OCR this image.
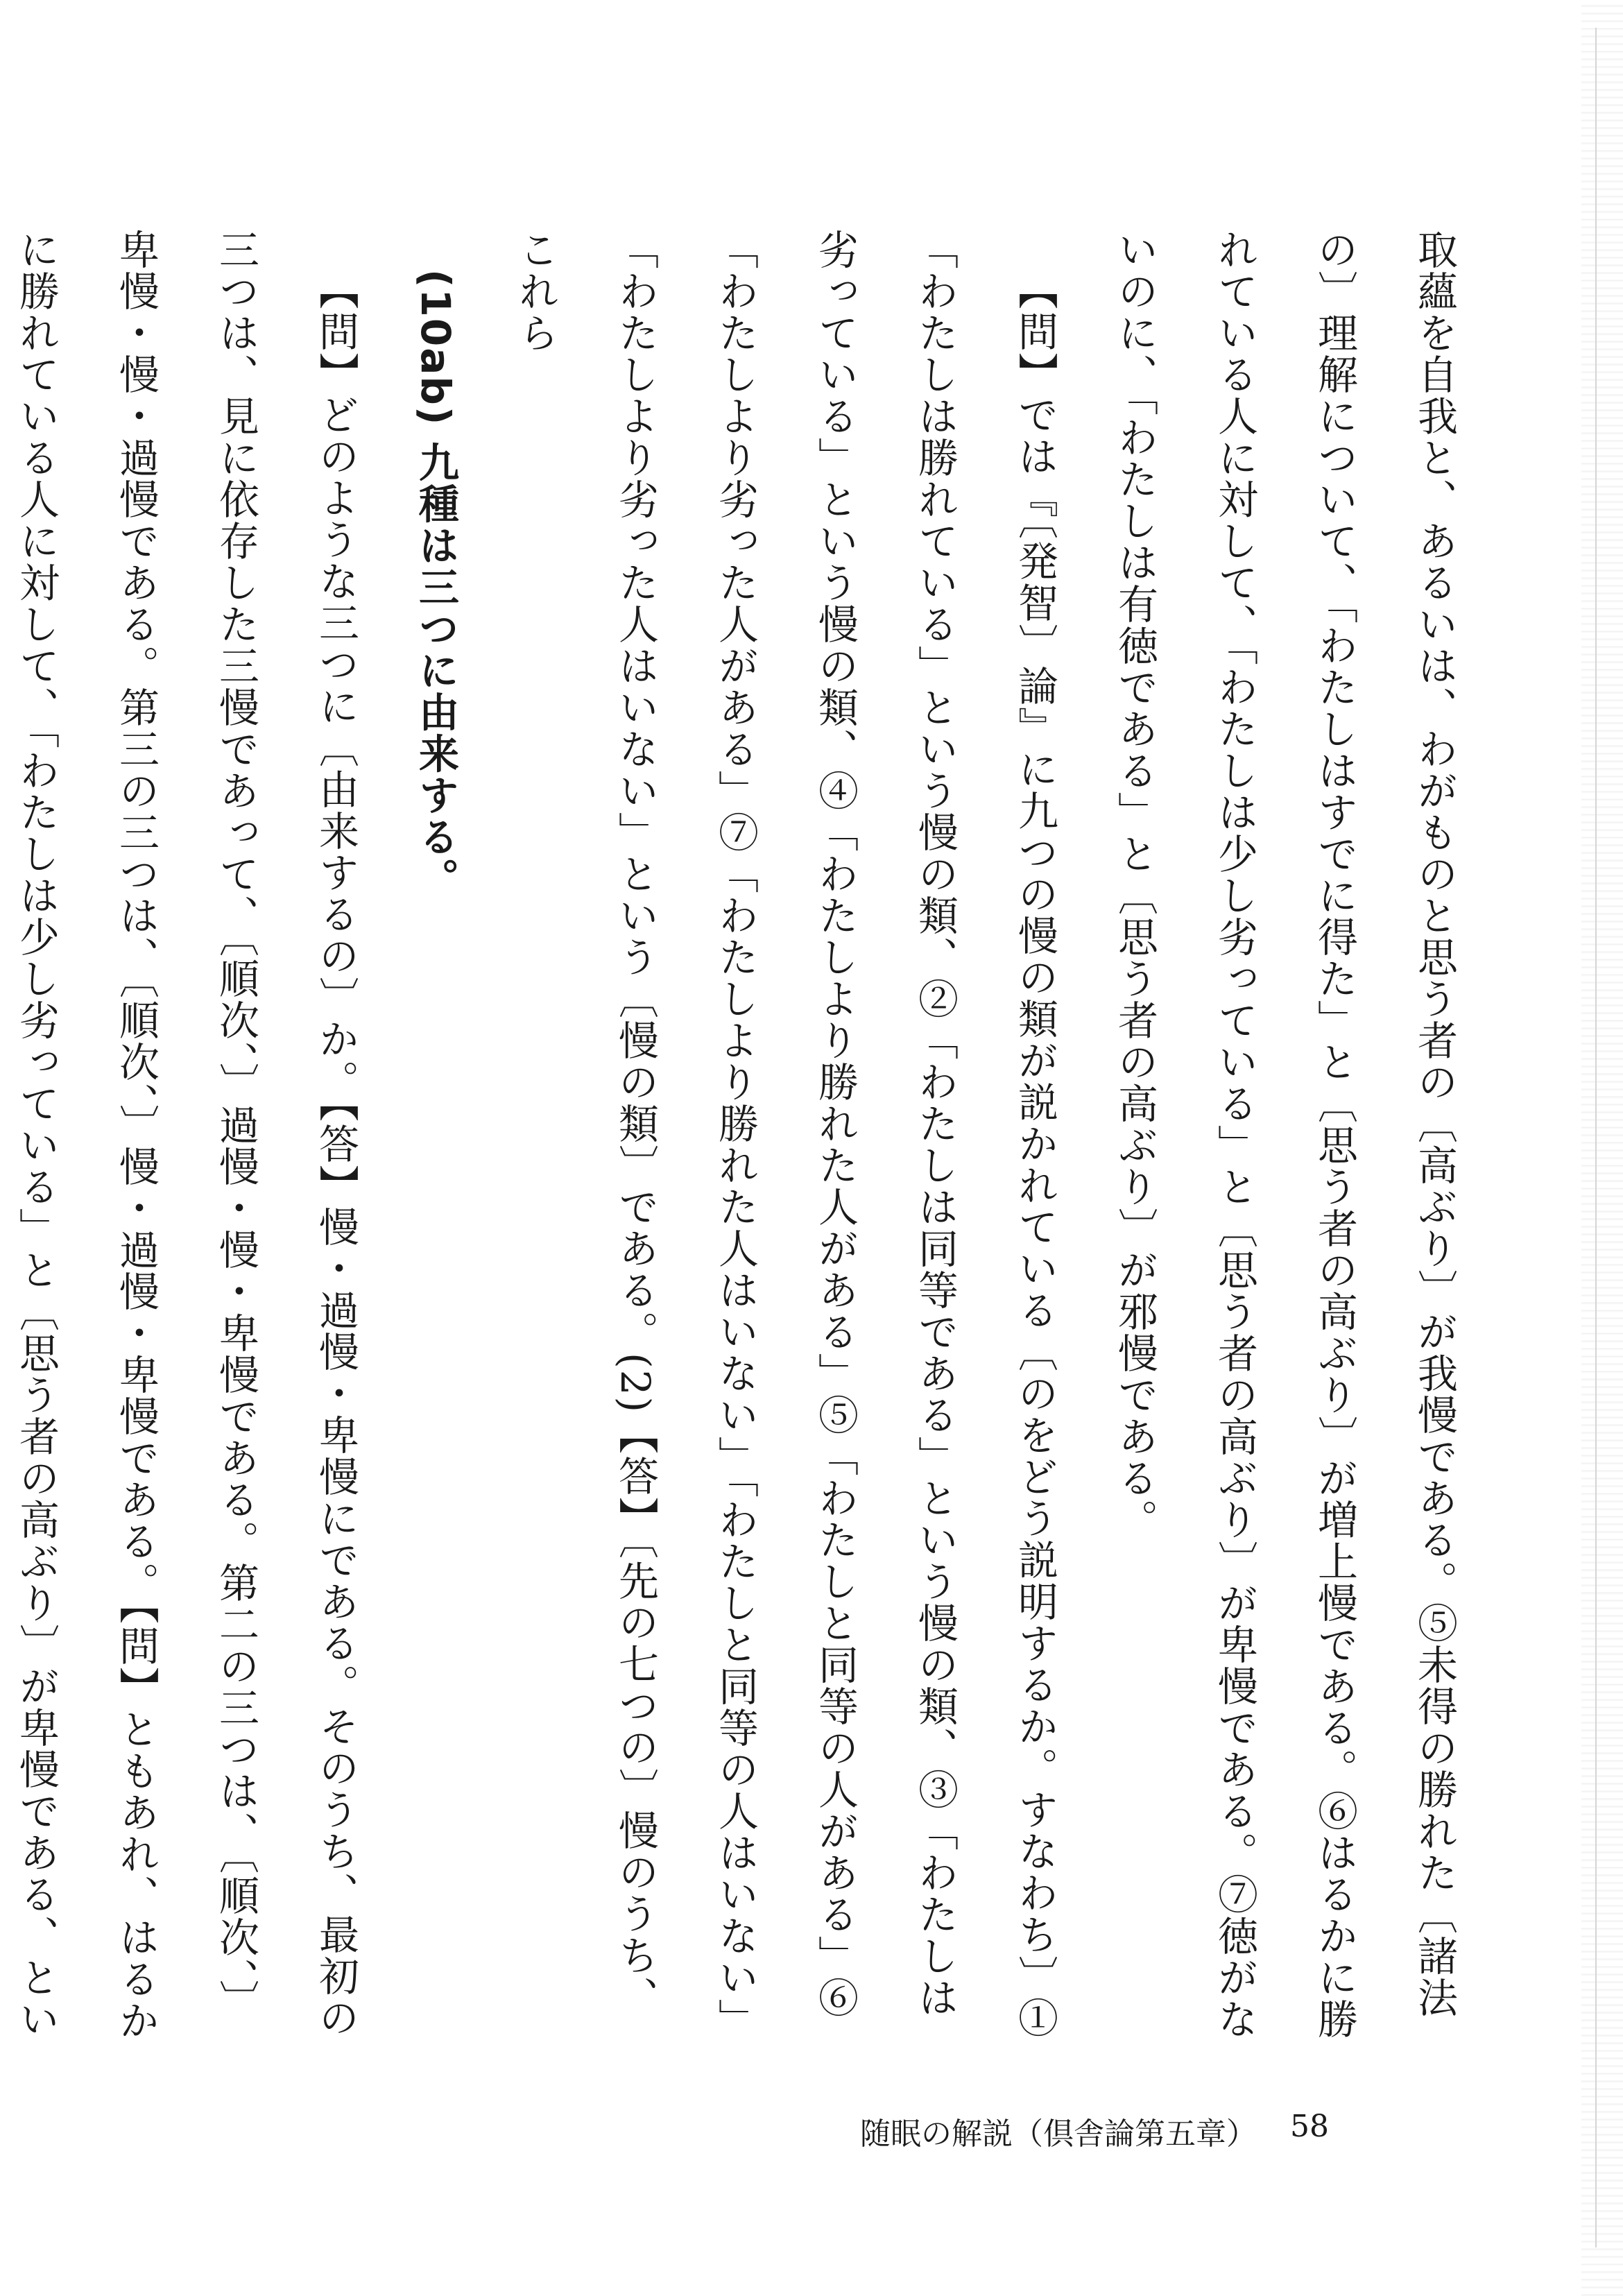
取蘊を自我と、あるいは、わがものと思う者の〔高ぶり〕が我慢である。⑤未得の勝れた〔諸法の〕理解について、「わたしはすでに得た」と〔思う者の高ぶり〕が増上慢である。⑥はるかに勝れている人に対して、「わたしは少し劣っている」と〔思う者の高ぶり〕が卑慢である。⑦徳がないのに、「わたしは有徳である」と〔思う者の高ぶり〕が邪慢である。

【問】では『〔発智〕論』に九つの慢の類が説かれている〔のをどう説明するか。すなわち〕①「わたしは勝れている」という慢の類、②「わたしは同等である」という慢の類、③「わたしは劣っている」という慢の類、④「わたしより勝れた人がある」⑤「わたしと同等の人がある」⑥「わたしより劣った人がある」⑦「わたしより勝れた人はいない」「わたしと同等の人はいない」「わたしより劣った人はいない」という〔慢の類〕である。(2)【答】〔先の七つの〕慢のうち、これら

(10ab) 九種は三つに由来する。

【問】どのような三つに〔由来するの〕か。【答】慢・過慢・卑慢にである。そのうち、最初の三つは、見に依存した三慢であって、〔順次、〕過慢・慢・卑慢である。第二の三つは、〔順次、〕卑慢・慢・過慢である。第三の三つは、〔順次、〕慢・過慢・卑慢である。【問】ともあれ、はるかに勝れている人に対して、「わたしは少し劣っている」と〔思う者の高ぶり〕が卑慢である、とい

随眠の解説（倶舎論第五章） 58
